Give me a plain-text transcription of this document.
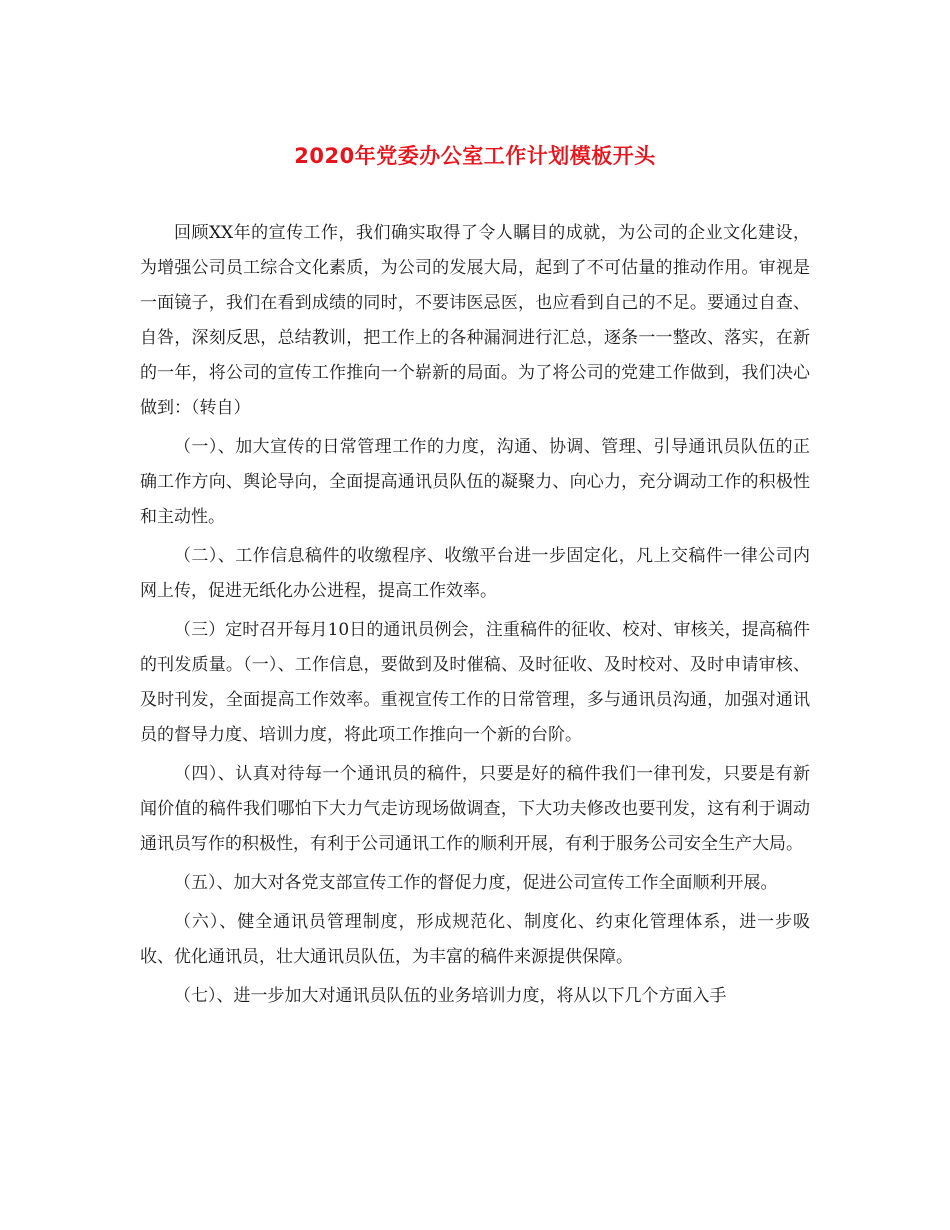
2020年党委办公室工作计划模板开头

回顾XX年的宣传工作，我们确实取得了令人瞩目的成就，为公司的企业文化建设，为增强公司员工综合文化素质，为公司的发展大局，起到了不可估量的推动作用。审视是一面镜子，我们在看到成绩的同时，不要讳医忌医，也应看到自己的不足。要通过自查、自咎，深刻反思，总结教训，把工作上的各种漏洞进行汇总，逐条一一整改、落实，在新的一年，将公司的宣传工作推向一个崭新的局面。为了将公司的党建工作做到，我们决心做到：（转自）

（一）、加大宣传的日常管理工作的力度，沟通、协调、管理、引导通讯员队伍的正确工作方向、舆论导向，全面提高通讯员队伍的凝聚力、向心力，充分调动工作的积极性和主动性。

（二）、工作信息稿件的收缴程序、收缴平台进一步固定化，凡上交稿件一律公司内网上传，促进无纸化办公进程，提高工作效率。

（三）定时召开每月10日的通讯员例会，注重稿件的征收、校对、审核关，提高稿件的刊发质量。（一）、工作信息，要做到及时催稿、及时征收、及时校对、及时申请审核、及时刊发，全面提高工作效率。重视宣传工作的日常管理，多与通讯员沟通，加强对通讯员的督导力度、培训力度，将此项工作推向一个新的台阶。

（四）、认真对待每一个通讯员的稿件，只要是好的稿件我们一律刊发，只要是有新闻价值的稿件我们哪怕下大力气走访现场做调查，下大功夫修改也要刊发，这有利于调动通讯员写作的积极性，有利于公司通讯工作的顺利开展，有利于服务公司安全生产大局。

（五）、加大对各党支部宣传工作的督促力度，促进公司宣传工作全面顺利开展。

（六）、健全通讯员管理制度，形成规范化、制度化、约束化管理体系，进一步吸收、优化通讯员，壮大通讯员队伍，为丰富的稿件来源提供保障。

（七）、进一步加大对通讯员队伍的业务培训力度，将从以下几个方面入手
